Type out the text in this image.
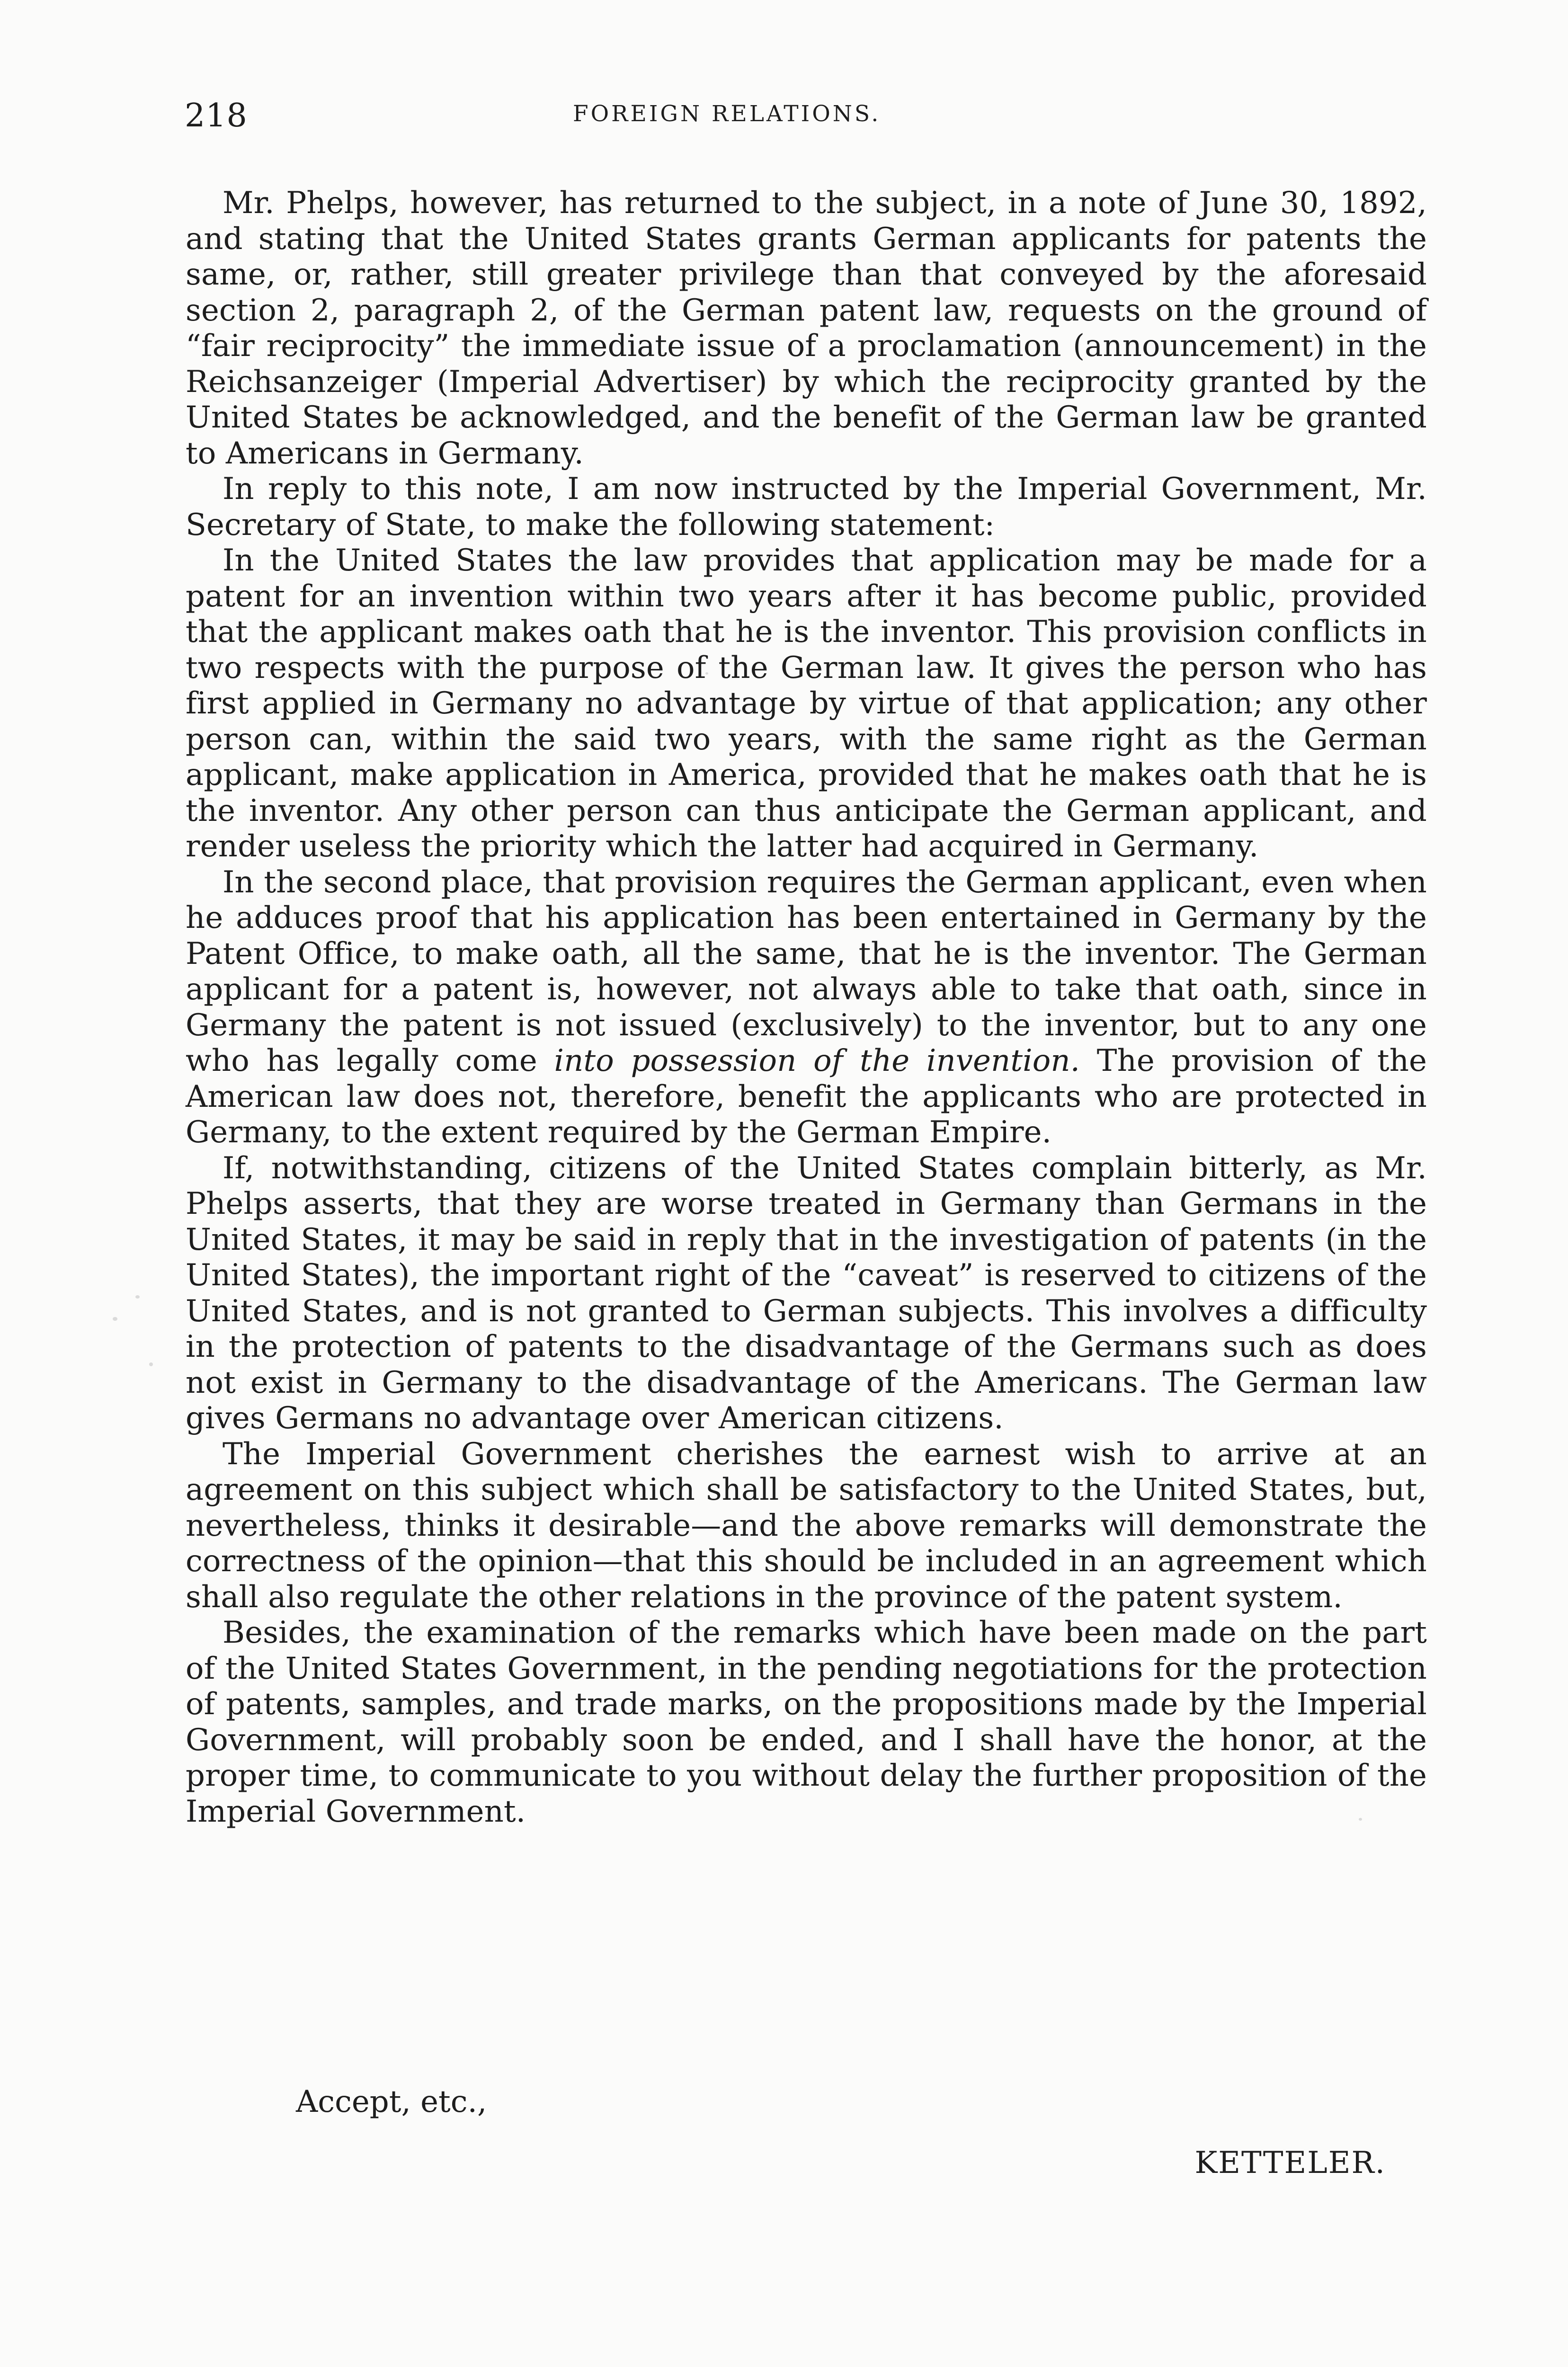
218	FOREIGN RELATIONS.

Mr. Phelps, however, has returned to the subject, in a note of June 30, 1892, and stating that the United States grants German applicants for patents the same, or, rather, still greater privilege than that conveyed by the aforesaid section 2, paragraph 2, of the German patent law, requests on the ground of “fair reciprocity” the immediate issue of a proclamation (announcement) in the Reichsanzeiger (Imperial Advertiser) by which the reciprocity granted by the United States be acknowledged, and the benefit of the German law be granted to Americans in Germany.

In reply to this note, I am now instructed by the Imperial Government, Mr. Secretary of State, to make the following statement:

In the United States the law provides that application may be made for a patent for an invention within two years after it has become public, provided that the applicant makes oath that he is the inventor. This provision conflicts in two respects with the purpose of the German law. It gives the person who has first applied in Germany no advantage by virtue of that application; any other person can, within the said two years, with the same right as the German applicant, make application in America, provided that he makes oath that he is the inventor. Any other person can thus anticipate the German applicant, and render useless the priority which the latter had acquired in Germany.

In the second place, that provision requires the German applicant, even when he adduces proof that his application has been entertained in Germany by the Patent Office, to make oath, all the same, that he is the inventor. The German applicant for a patent is, however, not always able to take that oath, since in Germany the patent is not issued (exclusively) to the inventor, but to any one who has legally come into possession of the invention. The provision of the American law does not, therefore, benefit the applicants who are protected in Germany, to the extent required by the German Empire.

If, notwithstanding, citizens of the United States complain bitterly, as Mr. Phelps asserts, that they are worse treated in Germany than Germans in the United States, it may be said in reply that in the investigation of patents (in the United States), the important right of the “caveat” is reserved to citizens of the United States, and is not granted to German subjects. This involves a difficulty in the protection of patents to the disadvantage of the Germans such as does not exist in Germany to the disadvantage of the Americans. The German law gives Germans no advantage over American citizens.

The Imperial Government cherishes the earnest wish to arrive at an agreement on this subject which shall be satisfactory to the United States, but, nevertheless, thinks it desirable—and the above remarks will demonstrate the correctness of the opinion—that this should be included in an agreement which shall also regulate the other relations in the province of the patent system.

Besides, the examination of the remarks which have been made on the part of the United States Government, in the pending negotiations for the protection of patents, samples, and trade marks, on the propositions made by the Imperial Government, will probably soon be ended, and I shall have the honor, at the proper time, to communicate to you without delay the further proposition of the Imperial Government.

Accept, etc.,
KETTELER.
